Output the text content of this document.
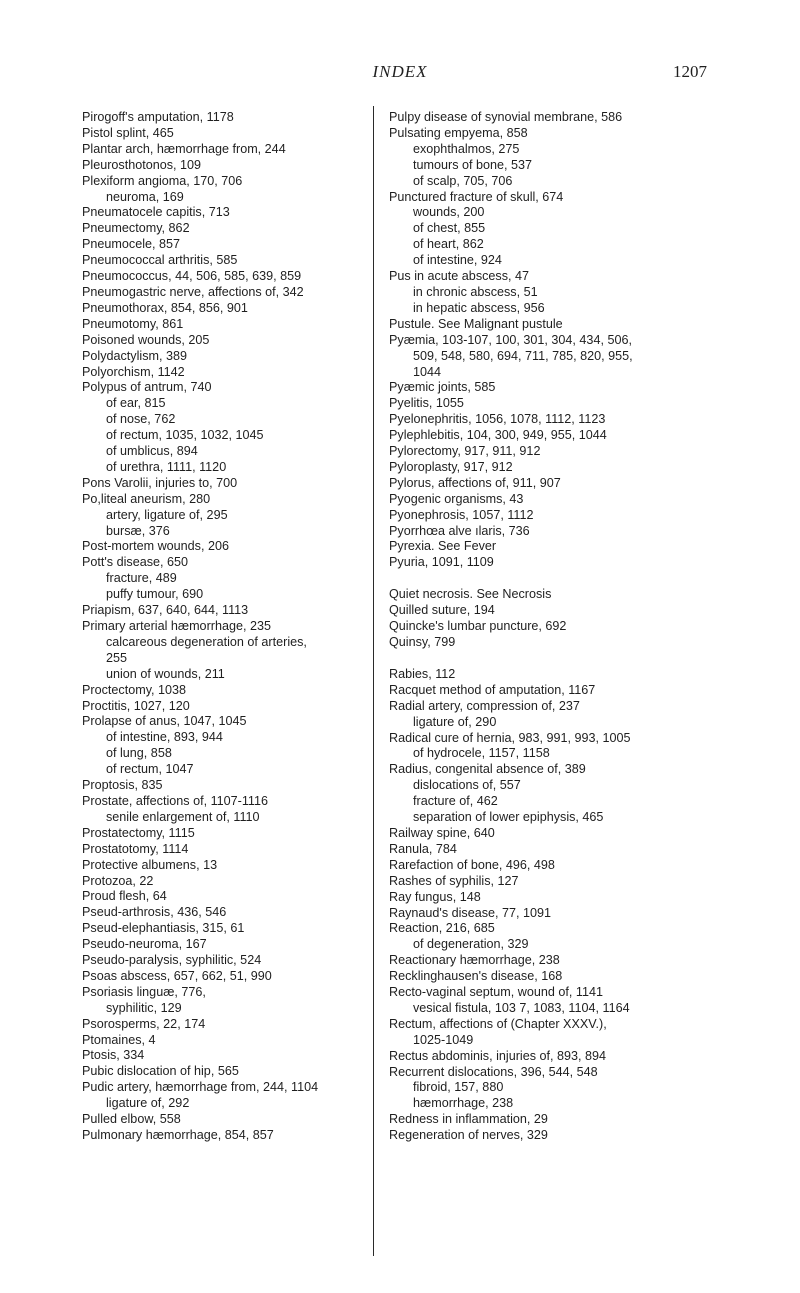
INDEX	1207
Pirogoff's amputation, 1178
Pistol splint, 465
Plantar arch, hæmorrhage from, 244
Pleurosthotonos, 109
Plexiform angioma, 170, 706
neuroma, 169
Pneumatocele capitis, 713
Pneumectomy, 862
Pneumocele, 857
Pneumococcal arthritis, 585
Pneumococcus, 44, 506, 585, 639, 859
Pneumogastric nerve, affections of, 342
Pneumothorax, 854, 856, 901
Pneumotomy, 861
Poisoned wounds, 205
Polydactylism, 389
Polyorchism, 1142
Polypus of antrum, 740
of ear, 815
of nose, 762
of rectum, 1035, 1032, 1045
of umblicus, 894
of urethra, 1111, 1120
Pons Varolii, injuries to, 700
Po,liteal aneurism, 280
artery, ligature of, 295
bursæ, 376
Post-mortem wounds, 206
Pott's disease, 650
fracture, 489
puffy tumour, 690
Priapism, 637, 640, 644, 1113
Primary arterial hæmorrhage, 235
calcareous degeneration of arteries,
255
union of wounds, 211
Proctectomy, 1038
Proctitis, 1027, 120
Prolapse of anus, 1047, 1045
of intestine, 893, 944
of lung, 858
of rectum, 1047
Proptosis, 835
Prostate, affections of, 1107-1116
senile enlargement of, 1110
Prostatectomy, 1115
Prostatotomy, 1114
Protective albumens, 13
Protozoa, 22
Proud flesh, 64
Pseud-arthrosis, 436, 546
Pseud-elephantiasis, 315, 61
Pseudo-neuroma, 167
Pseudo-paralysis, syphilitic, 524
Psoas abscess, 657, 662, 51, 990
Psoriasis linguæ, 776,
syphilitic, 129
Psorosperms, 22, 174
Ptomaines, 4
Ptosis, 334
Pubic dislocation of hip, 565
Pudic artery, hæmorrhage from, 244, 1104
ligature of, 292
Pulled elbow, 558
Pulmonary hæmorrhage, 854, 857
Pulpy disease of synovial membrane, 586
Pulsating empyema, 858
exophthalmos, 275
tumours of bone, 537
of scalp, 705, 706
Punctured fracture of skull, 674
wounds, 200
of chest, 855
of heart, 862
of intestine, 924
Pus in acute abscess, 47
in chronic abscess, 51
in hepatic abscess, 956
Pustule. See Malignant pustule
Pyæmia, 103-107, 100, 301, 304, 434, 506,
509, 548, 580, 694, 711, 785, 820, 955,
1044
Pyæmic joints, 585
Pyelitis, 1055
Pyelonephritis, 1056, 1078, 1112, 1123
Pylephlebitis, 104, 300, 949, 955, 1044
Pylorectomy, 917, 911, 912
Pyloroplasty, 917, 912
Pylorus, affections of, 911, 907
Pyogenic organisms, 43
Pyonephrosis, 1057, 1112
Pyorrhœa alve ılaris, 736
Pyrexia. See Fever
Pyuria, 1091, 1109
Quiet necrosis. See Necrosis
Quilled suture, 194
Quincke's lumbar puncture, 692
Quinsy, 799
Rabies, 112
Racquet method of amputation, 1167
Radial artery, compression of, 237
ligature of, 290
Radical cure of hernia, 983, 991, 993, 1005
of hydrocele, 1157, 1158
Radius, congenital absence of, 389
dislocations of, 557
fracture of, 462
separation of lower epiphysis, 465
Railway spine, 640
Ranula, 784
Rarefaction of bone, 496, 498
Rashes of syphilis, 127
Ray fungus, 148
Raynaud's disease, 77, 1091
Reaction, 216, 685
of degeneration, 329
Reactionary hæmorrhage, 238
Recklinghausen's disease, 168
Recto-vaginal septum, wound of, 1141
vesical fistula, 103 7, 1083, 1104, 1164
Rectum, affections of (Chapter XXXV.),
1025-1049
Rectus abdominis, injuries of, 893, 894
Recurrent dislocations, 396, 544, 548
fibroid, 157, 880
hæmorrhage, 238
Redness in inflammation, 29
Regeneration of nerves, 329
